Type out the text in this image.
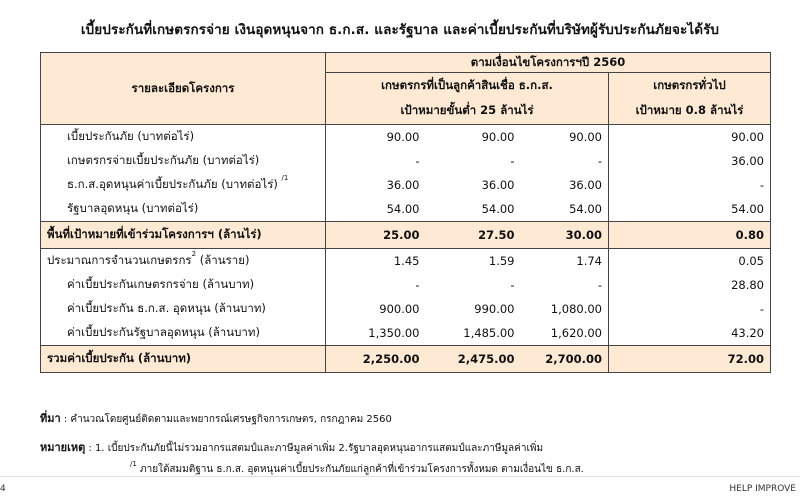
เบี้ยประกันที่เกษตรกรจ่าย เงินอุดหนุนจาก ธ.ก.ส. และรัฐบาล และค่าเบี้ยประกันที่บริษัทผู้รับประกันภัยจะได้รับ
รายละเอียดโครงการ	ตามเงื่อนไขโครงการฯปี 2560			
	เกษตรกรที่เป็นลูกค้าสินเชื่อ ธ.ก.ส.			เกษตรกรทั่วไป
	เป้าหมายขั้นต่ำ 25 ล้านไร่			เป้าหมาย 0.8 ล้านไร่
เบี้ยประกันภัย (บาทต่อไร่)	90.00	90.00	90.00	90.00
เกษตรกรจ่ายเบี้ยประกันภัย (บาทต่อไร่)	-	-	-	36.00
ธ.ก.ส.อุดหนุนค่าเบี้ยประกันภัย (บาทต่อไร่) $^{/1}$	36.00	36.00	36.00	-
รัฐบาลอุดหนุน (บาทต่อไร่)	54.00	54.00	54.00	54.00
พื้นที่เป้าหมายที่เข้าร่วมโครงการฯ (ล้านไร่)	25.00	27.50	30.00	0.80
ประมาณการจำนวนเกษตรกร$^2$ (ล้านราย)	1.45	1.59	1.74	0.05
ค่าเบี้ยประกันเกษตรกรจ่าย (ล้านบาท)	-	-	-	28.80
ค่าเบี้ยประกัน ธ.ก.ส. อุดหนุน (ล้านบาท)	900.00	990.00	1,080.00	-
ค่าเบี้ยประกันรัฐบาลอุดหนุน (ล้านบาท)	1,350.00	1,485.00	1,620.00	43.20
รวมค่าเบี้ยประกัน (ล้านบาท)	2,250.00	2,475.00	2,700.00	72.00
ที่มา : คำนวณโดยศูนย์ติดตามและพยากรณ์เศรษฐกิจการเกษตร, กรกฎาคม 2560
หมายเหตุ : 1. เบี้ยประกันภัยนี้ไม่รวมอากรแสตมป์และภาษีมูลค่าเพิ่ม 2.รัฐบาลอุดหนุนอากรแสตมป์และภาษีมูลค่าเพิ่ม
$^{/1}$ ภายใต้สมมติฐาน ธ.ก.ส. อุดหนุนค่าเบี้ยประกันภัยแก่ลูกค้าที่เข้าร่วมโครงการทั้งหมด ตามเงื่อนไข ธ.ก.ส.
4	HELP IMPROVE
